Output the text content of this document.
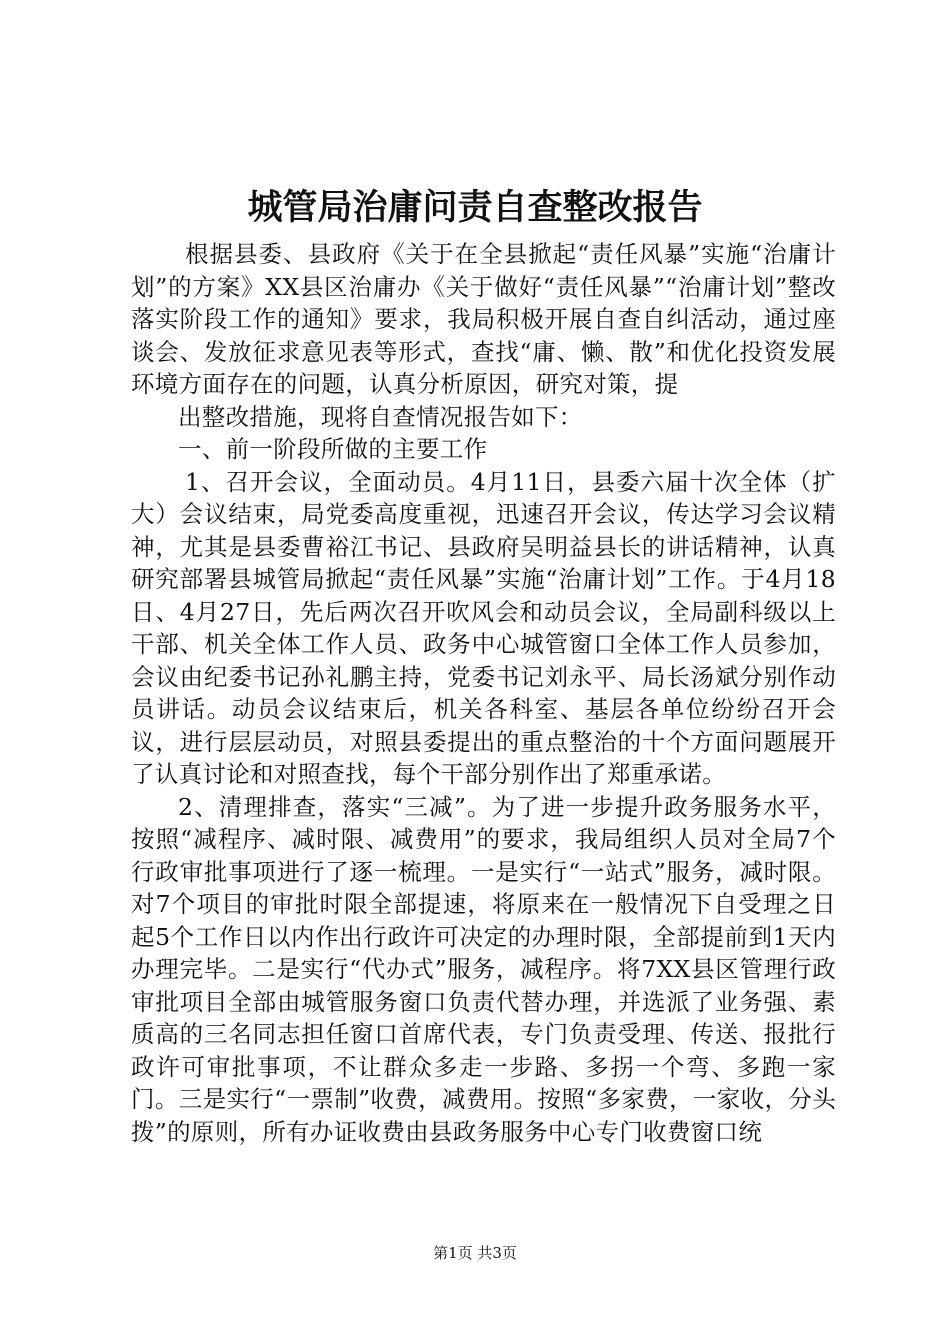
城管局治庸问责自查整改报告

根据县委、县政府《关于在全县掀起“责任风暴”实施“治庸计划”的方案》XX县区治庸办《关于做好“责任风暴”“治庸计划”整改落实阶段工作的通知》要求，我局积极开展自查自纠活动，通过座谈会、发放征求意见表等形式，查找“庸、懒、散”和优化投资发展环境方面存在的问题，认真分析原因，研究对策，提

出整改措施，现将自查情况报告如下：

一、前一阶段所做的主要工作

1、召开会议，全面动员。4月11日，县委六届十次全体（扩大）会议结束，局党委高度重视，迅速召开会议，传达学习会议精神，尤其是县委曹裕江书记、县政府吴明益县长的讲话精神，认真研究部署县城管局掀起“责任风暴”实施“治庸计划”工作。于4月18日、4月27日，先后两次召开吹风会和动员会议，全局副科级以上干部、机关全体工作人员、政务中心城管窗口全体工作人员参加，会议由纪委书记孙礼鹏主持，党委书记刘永平、局长汤斌分别作动员讲话。动员会议结束后，机关各科室、基层各单位纷纷召开会议，进行层层动员，对照县委提出的重点整治的十个方面问题展开了认真讨论和对照查找，每个干部分别作出了郑重承诺。

2、清理排查，落实“三减”。为了进一步提升政务服务水平，按照“减程序、减时限、减费用”的要求，我局组织人员对全局7个行政审批事项进行了逐一梳理。一是实行“一站式”服务，减时限。对7个项目的审批时限全部提速，将原来在一般情况下自受理之日起5个工作日以内作出行政许可决定的办理时限，全部提前到1天内办理完毕。二是实行“代办式”服务，减程序。将7XX县区管理行政审批项目全部由城管服务窗口负责代替办理，并选派了业务强、素质高的三名同志担任窗口首席代表，专门负责受理、传送、报批行政许可审批事项，不让群众多走一步路、多拐一个弯、多跑一家门。三是实行“一票制”收费，减费用。按照“多家费，一家收，分头拨”的原则，所有办证收费由县政务服务中心专门收费窗口统

第1页 共3页
